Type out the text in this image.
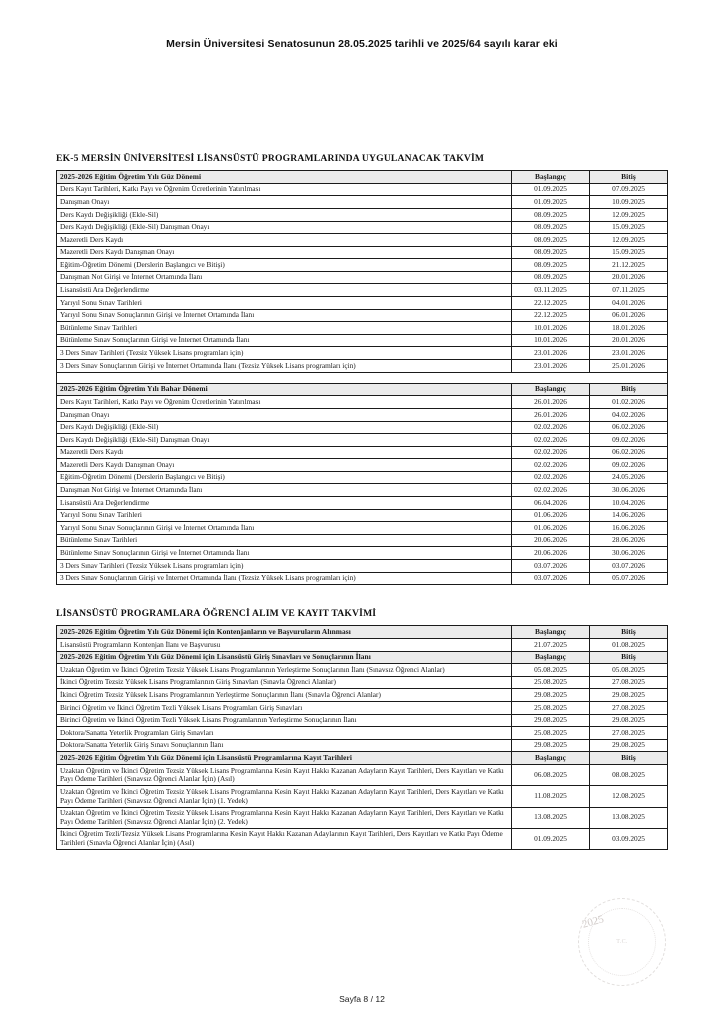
Mersin Üniversitesi Senatosunun 28.05.2025 tarihli ve 2025/64 sayılı karar eki
EK-5 MERSİN ÜNİVERSİTESİ LİSANSÜSTÜ PROGRAMLARINDA UYGULANACAK TAKVİM
2025-2026 Eğitim Öğretim Yılı Güz Dönemi	Başlangıç	Bitiş
Ders Kayıt Tarihleri, Katkı Payı ve Öğrenim Ücretlerinin Yatırılması	01.09.2025	07.09.2025
Danışman Onayı	01.09.2025	10.09.2025
Ders Kaydı Değişikliği (Ekle-Sil)	08.09.2025	12.09.2025
Ders Kaydı Değişikliği (Ekle-Sil) Danışman Onayı	08.09.2025	15.09.2025
Mazeretli Ders Kaydı	08.09.2025	12.09.2025
Mazeretli Ders Kaydı Danışman Onayı	08.09.2025	15.09.2025
Eğitim-Öğretim Dönemi (Derslerin Başlangıcı ve Bitişi)	08.09.2025	21.12.2025
Danışman Not Girişi ve İnternet Ortamında İlanı	08.09.2025	20.01.2026
Lisansüstü Ara Değerlendirme	03.11.2025	07.11.2025
Yarıyıl Sonu Sınav Tarihleri	22.12.2025	04.01.2026
Yarıyıl Sonu Sınav Sonuçlarının Girişi ve İnternet Ortamında İlanı	22.12.2025	06.01.2026
Bütünleme Sınav Tarihleri	10.01.2026	18.01.2026
Bütünleme Sınav Sonuçlarının Girişi ve İnternet Ortamında İlanı	10.01.2026	20.01.2026
3 Ders Sınav Tarihleri (Tezsiz Yüksek Lisans programları için)	23.01.2026	23.01.2026
3 Ders Sınav Sonuçlarının Girişi ve İnternet Ortamında İlanı (Tezsiz Yüksek Lisans programları için)	23.01.2026	25.01.2026

2025-2026 Eğitim Öğretim Yılı Bahar Dönemi	Başlangıç	Bitiş
Ders Kayıt Tarihleri, Katkı Payı ve Öğrenim Ücretlerinin Yatırılması	26.01.2026	01.02.2026
Danışman Onayı	26.01.2026	04.02.2026
Ders Kaydı Değişikliği (Ekle-Sil)	02.02.2026	06.02.2026
Ders Kaydı Değişikliği (Ekle-Sil) Danışman Onayı	02.02.2026	09.02.2026
Mazeretli Ders Kaydı	02.02.2026	06.02.2026
Mazeretli Ders Kaydı Danışman Onayı	02.02.2026	09.02.2026
Eğitim-Öğretim Dönemi (Derslerin Başlangıcı ve Bitişi)	02.02.2026	24.05.2026
Danışman Not Girişi ve İnternet Ortamında İlanı	02.02.2026	30.06.2026
Lisansüstü Ara Değerlendirme	06.04.2026	10.04.2026
Yarıyıl Sonu Sınav Tarihleri	01.06.2026	14.06.2026
Yarıyıl Sonu Sınav Sonuçlarının Girişi ve İnternet Ortamında İlanı	01.06.2026	16.06.2026
Bütünleme Sınav Tarihleri	20.06.2026	28.06.2026
Bütünleme Sınav Sonuçlarının Girişi ve İnternet Ortamında İlanı	20.06.2026	30.06.2026
3 Ders Sınav Tarihleri (Tezsiz Yüksek Lisans programları için)	03.07.2026	03.07.2026
3 Ders Sınav Sonuçlarının Girişi ve İnternet Ortamında İlanı (Tezsiz Yüksek Lisans programları için)	03.07.2026	05.07.2026
LİSANSÜSTÜ PROGRAMLARA ÖĞRENCİ ALIM VE KAYIT TAKVİMİ
2025-2026 Eğitim Öğretim Yılı Güz Dönemi için Kontenjanların ve Başvuruların Alınması	Başlangıç	Bitiş
Lisansüstü Programların Kontenjan İlanı ve Başvurusu	21.07.2025	01.08.2025
2025-2026 Eğitim Öğretim Yılı Güz Dönemi için Lisansüstü Giriş Sınavları ve Sonuçlarının İlanı	Başlangıç	Bitiş
Uzaktan Öğretim ve İkinci Öğretim Tezsiz Yüksek Lisans Programlarının Yerleştirme Sonuçlarının İlanı (Sınavsız Öğrenci Alanlar)	05.08.2025	05.08.2025
İkinci Öğretim Tezsiz Yüksek Lisans Programlarının Giriş Sınavları (Sınavla Öğrenci Alanlar)	25.08.2025	27.08.2025
İkinci Öğretim Tezsiz Yüksek Lisans Programlarının Yerleştirme Sonuçlarının İlanı (Sınavla Öğrenci Alanlar)	29.08.2025	29.08.2025
Birinci Öğretim ve İkinci Öğretim Tezli Yüksek Lisans Programları Giriş Sınavları	25.08.2025	27.08.2025
Birinci Öğretim ve İkinci Öğretim Tezli Yüksek Lisans Programlarının Yerleştirme Sonuçlarının İlanı	29.08.2025	29.08.2025
Doktora/Sanatta Yeterlik Programları Giriş Sınavları	25.08.2025	27.08.2025
Doktora/Sanatta Yeterlik Giriş Sınavı Sonuçlarının İlanı	29.08.2025	29.08.2025
2025-2026 Eğitim Öğretim Yılı Güz Dönemi için Lisansüstü Programlarına Kayıt Tarihleri	Başlangıç	Bitiş
Uzaktan Öğretim ve İkinci Öğretim Tezsiz Yüksek Lisans Programlarına Kesin Kayıt Hakkı Kazanan Adayların Kayıt Tarihleri, Ders Kayıtları ve Katkı Payı Ödeme Tarihleri (Sınavsız Öğrenci Alanlar İçin) (Asıl)	06.08.2025	08.08.2025
Uzaktan Öğretim ve İkinci Öğretim Tezsiz Yüksek Lisans Programlarına Kesin Kayıt Hakkı Kazanan Adayların Kayıt Tarihleri, Ders Kayıtları ve Katkı Payı Ödeme Tarihleri (Sınavsız Öğrenci Alanlar İçin) (1. Yedek)	11.08.2025	12.08.2025
Uzaktan Öğretim ve İkinci Öğretim Tezsiz Yüksek Lisans Programlarına Kesin Kayıt Hakkı Kazanan Adayların Kayıt Tarihleri, Ders Kayıtları ve Katkı Payı Ödeme Tarihleri (Sınavsız Öğrenci Alanlar İçin) (2. Yedek)	13.08.2025	13.08.2025
İkinci Öğretim Tezli/Tezsiz Yüksek Lisans Programlarına Kesin Kayıt Hakkı Kazanan Adaylarının Kayıt Tarihleri, Ders Kayıtları ve Katkı Payı Ödeme Tarihleri (Sınavla Öğrenci Alanlar İçin) (Asıl)	01.09.2025	03.09.2025
2025
T.C.
Sayfa 8 / 12
